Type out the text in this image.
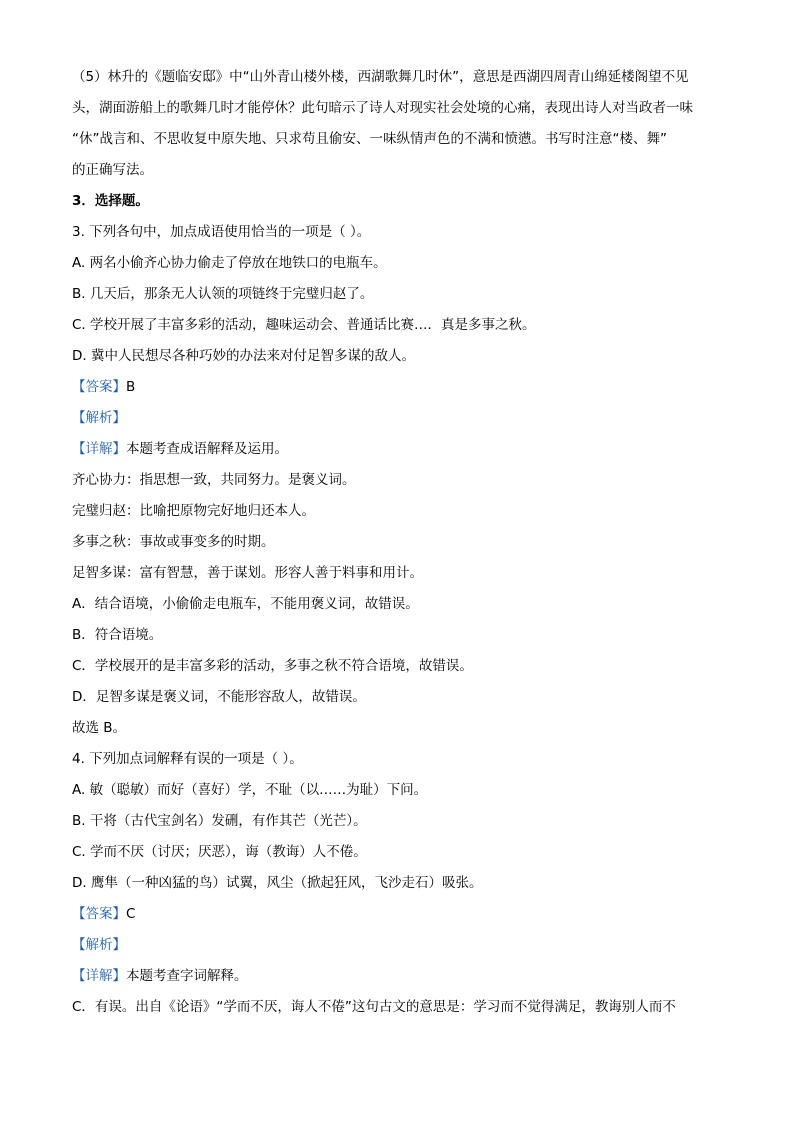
（5）林升的《题临安邸》中“山外青山楼外楼，西湖歌舞几时休”，意思是西湖四周青山绵延楼阁望不见
头，湖面游船上的歌舞几时才能停休？此句暗示了诗人对现实社会处境的心痛，表现出诗人对当政者一味
“休”战言和、不思收复中原失地、只求苟且偷安、一味纵情声色的不满和愤懑。书写时注意“楼、舞”
的正确写法。
3．选择题。
3. 下列各句中，加点成语使用恰当的一项是（ ）。
A. 两名小偷齐心协力偷走了停放在地铁口的电瓶车。
B. 几天后，那条无人认领的项链终于完璧归赵了。
C. 学校开展了丰富多彩的活动，趣味运动会、普通话比赛…．真是多事之秋。
D. 冀中人民想尽各种巧妙的办法来对付足智多谋的敌人。
【答案】B
【解析】
【详解】本题考查成语解释及运用。
齐心协力：指思想一致，共同努力。是褒义词。
完璧归赵：比喻把原物完好地归还本人。
多事之秋：事故或事变多的时期。
足智多谋：富有智慧，善于谋划。形容人善于料事和用计。
A．结合语境，小偷偷走电瓶车，不能用褒义词，故错误。
B．符合语境。
C．学校展开的是丰富多彩的活动，多事之秋不符合语境，故错误。
D．足智多谋是褒义词，不能形容敌人，故错误。
故选 B。
4. 下列加点词解释有误的一项是（ ）。
A. 敏（聪敏）而好（喜好）学，不耻（以……为耻）下问。
B. 干将（古代宝剑名）发硎，有作其芒（光芒）。
C. 学而不厌（讨厌；厌恶），诲（教诲）人不倦。
D. 鹰隼（一种凶猛的鸟）试翼，风尘（掀起狂风，飞沙走石）吸张。
【答案】C
【解析】
【详解】本题考查字词解释。
C．有误。出自《论语》“学而不厌，诲人不倦”这句古文的意思是：学习而不觉得满足，教诲别人而不
